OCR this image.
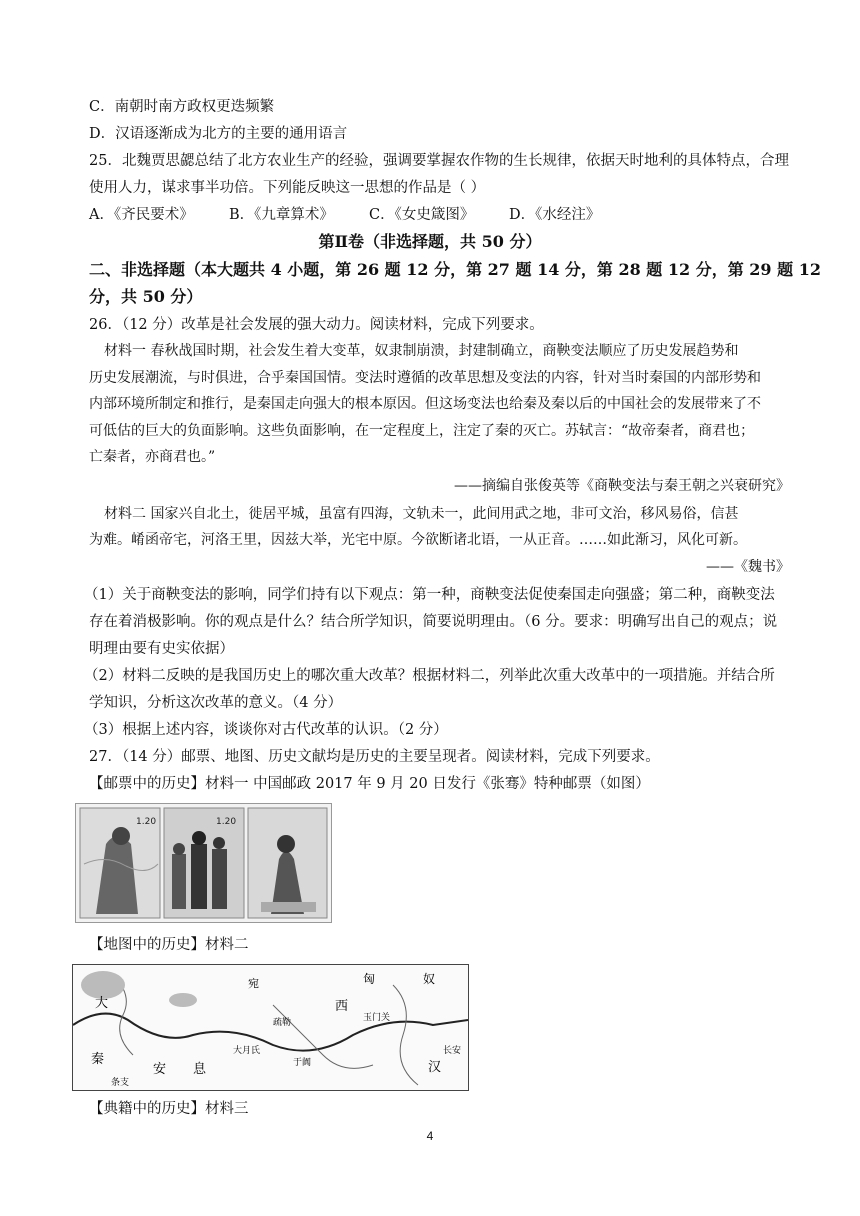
C．南朝时南方政权更迭频繁
D．汉语逐渐成为北方的主要的通用语言
25．北魏贾思勰总结了北方农业生产的经验，强调要掌握农作物的生长规律，依据天时地利的具体特点，合理
使用人力，谋求事半功倍。下列能反映这一思想的作品是（ ）
A．《齐民要术》 B．《九章算术》 C．《女史箴图》 D．《水经注》
第Ⅱ卷（非选择题，共 50 分）
二、非选择题（本大题共 4 小题，第 26 题 12 分，第 27 题 14 分，第 28 题 12 分，第 29 题 12
分，共 50 分）
26．（12 分）改革是社会发展的强大动力。阅读材料，完成下列要求。
材料一 春秋战国时期，社会发生着大变革，奴隶制崩溃，封建制确立，商鞅变法顺应了历史发展趋势和
历史发展潮流，与时俱进，合乎秦国国情。变法时遵循的改革思想及变法的内容，针对当时秦国的内部形势和
内部环境所制定和推行，是秦国走向强大的根本原因。但这场变法也给秦及秦以后的中国社会的发展带来了不
可低估的巨大的负面影响。这些负面影响，在一定程度上，注定了秦的灭亡。苏轼言：“故帝秦者，商君也；
亡秦者，亦商君也。”
——摘编自张俊英等《商鞅变法与秦王朝之兴衰研究》
材料二 国家兴自北土，徙居平城，虽富有四海，文轨未一，此间用武之地，非可文治，移风易俗，信甚
为难。崤函帝宅，河洛王里，因兹大举，光宅中原。今欲断诸北语，一从正音。……如此渐习，风化可新。
——《魏书》
（1）关于商鞅变法的影响，同学们持有以下观点：第一种，商鞅变法促使秦国走向强盛；第二种，商鞅变法
存在着消极影响。你的观点是什么？结合所学知识，简要说明理由。（6 分。要求：明确写出自己的观点；说
明理由要有史实依据）
（2）材料二反映的是我国历史上的哪次重大改革？根据材料二，列举此次重大改革中的一项措施。并结合所
学知识，分析这次改革的意义。（4 分）
（3）根据上述内容，谈谈你对古代改革的认识。（2 分）
27．（14 分）邮票、地图、历史文献均是历史的主要呈现者。阅读材料，完成下列要求。
【邮票中的历史】材料一 中国邮政 2017 年 9 月 20 日发行《张骞》特种邮票（如图）
1.20	1.20
【地图中的历史】材料二
匈	奴
大
宛
西
秦
安 息
大月氏
玉门关
长安
汉
于阗
疏勒
条支
【典籍中的历史】材料三
4
